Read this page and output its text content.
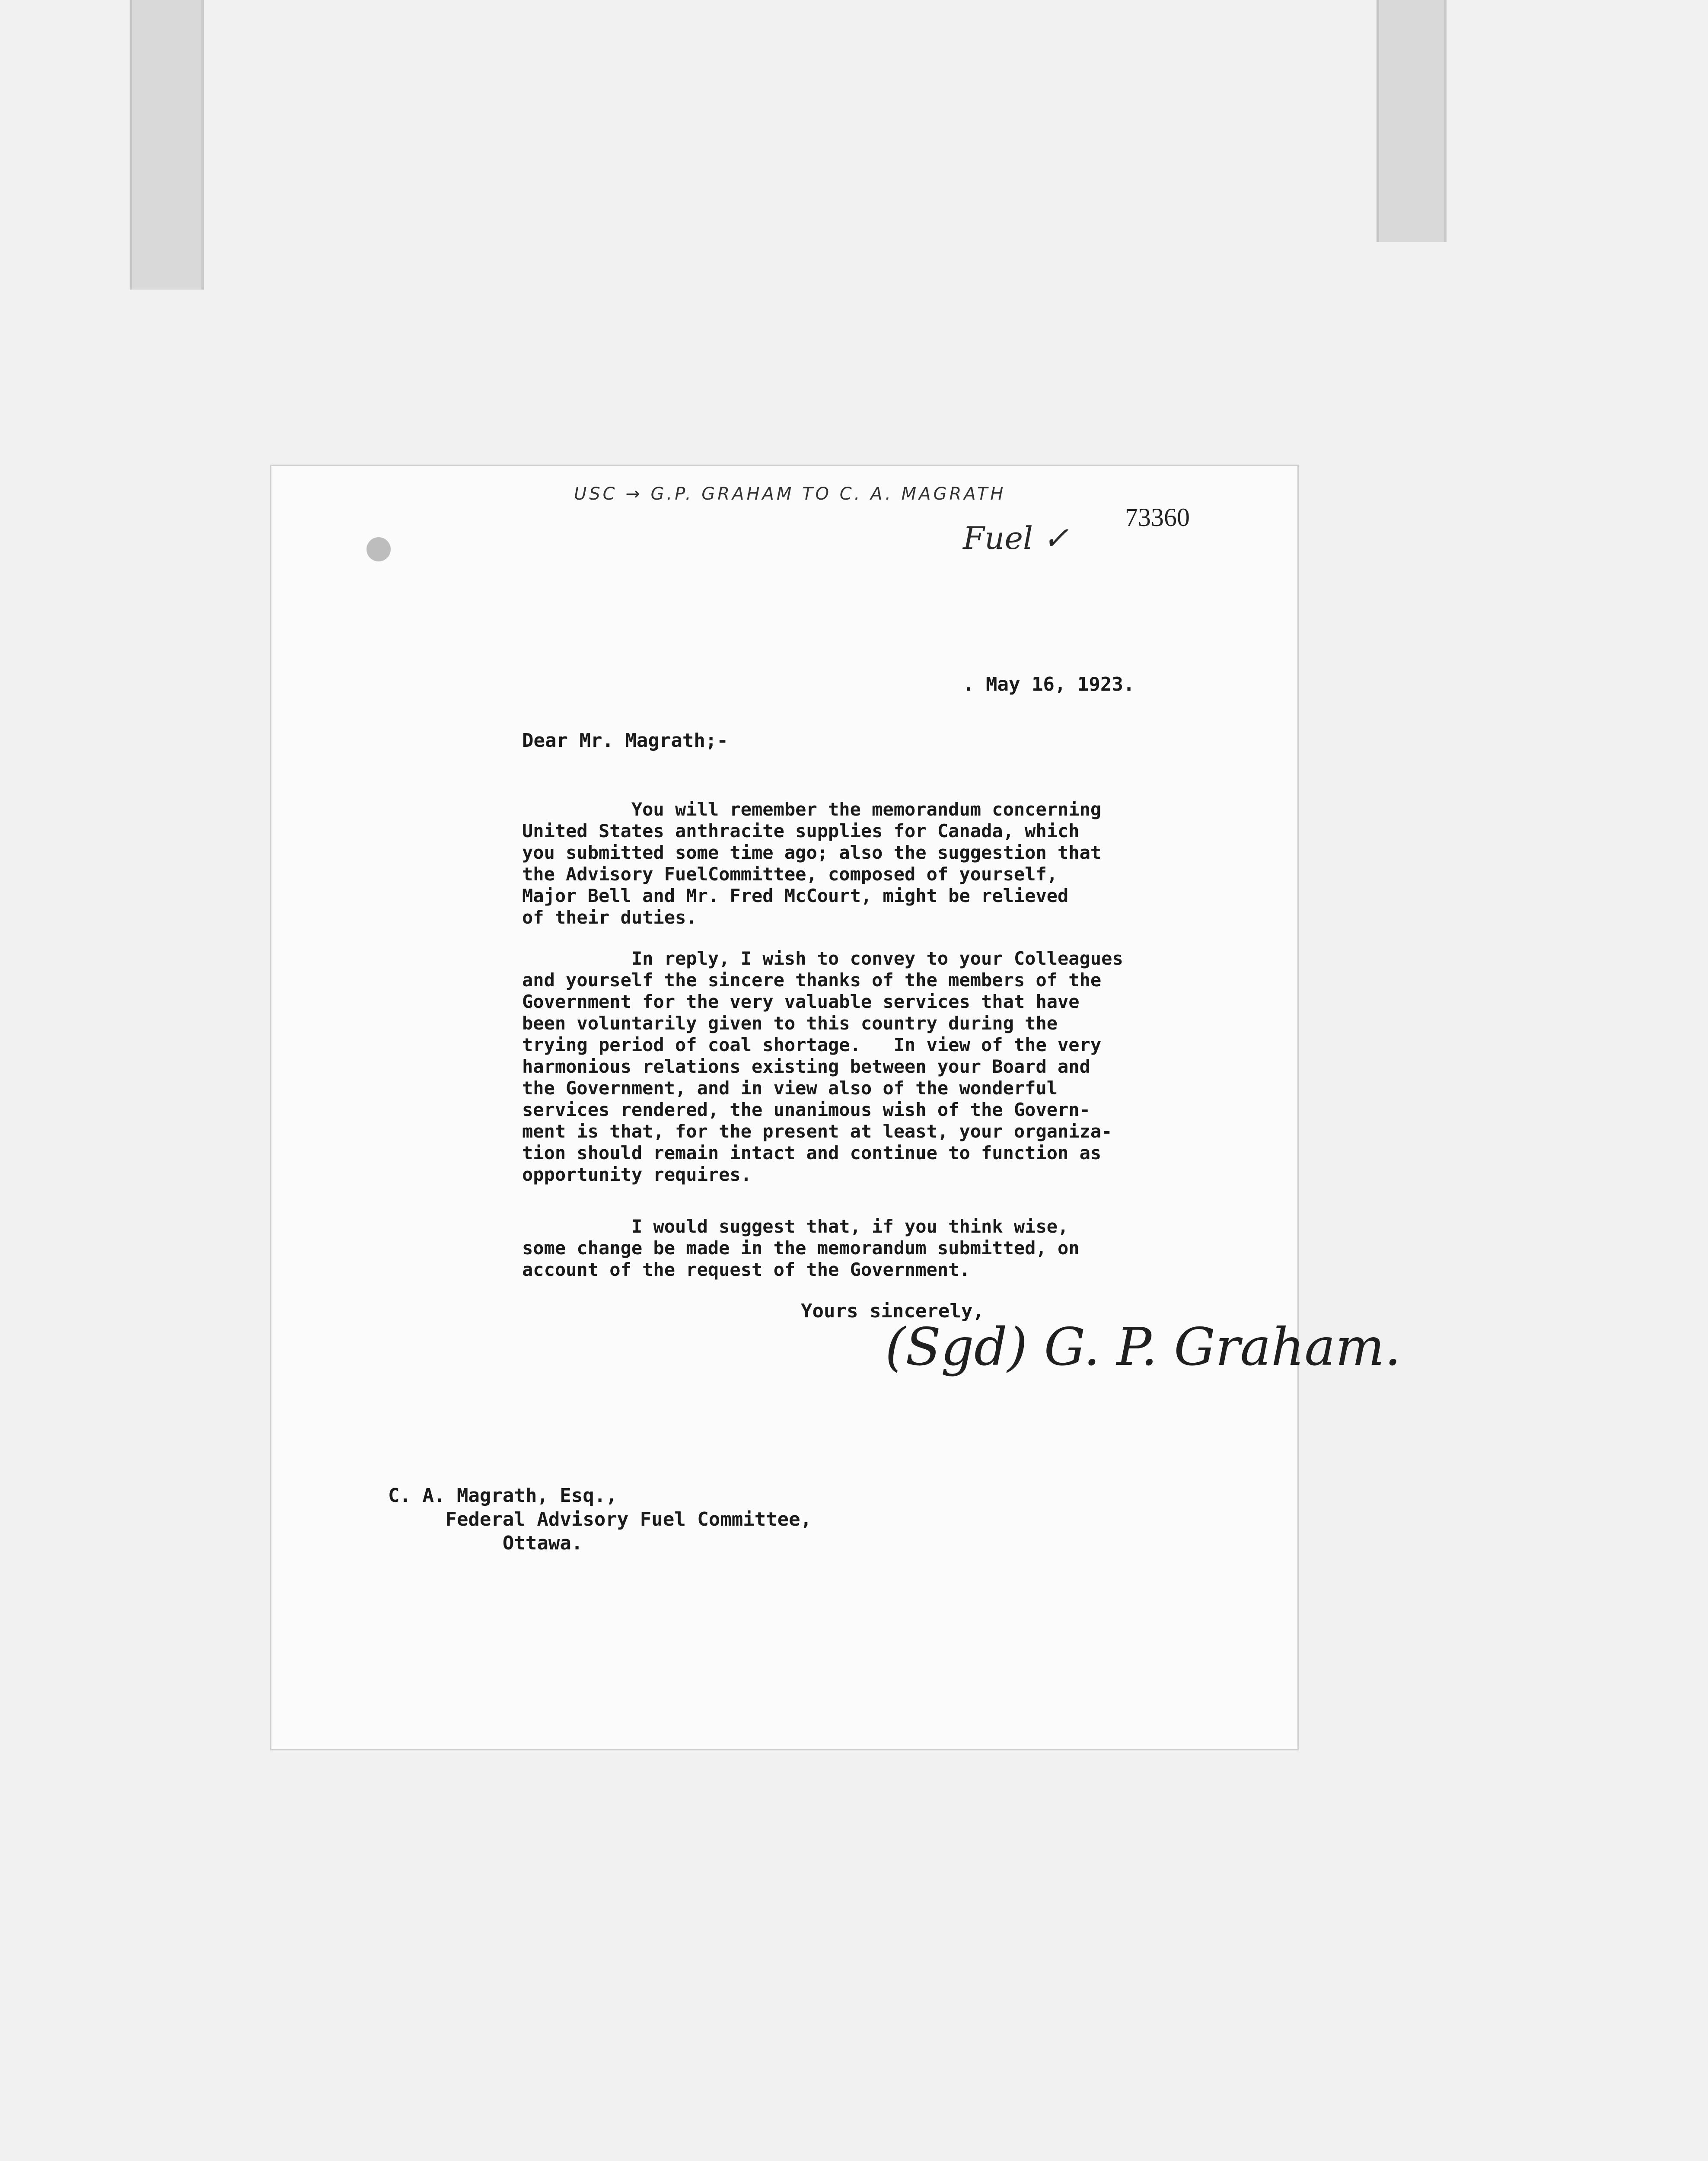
USC → G.P. GRAHAM TO C. A. MAGRATH
Fuel ✓
73360
. May 16, 1923.
Dear Mr. Magrath;-
You will remember the memorandum concerning
United States anthracite supplies for Canada, which
you submitted some time ago; also the suggestion that
the Advisory FuelCommittee, composed of yourself,
Major Bell and Mr. Fred McCourt, might be relieved
of their duties.
In reply, I wish to convey to your Colleagues
and yourself the sincere thanks of the members of the
Government for the very valuable services that have
been voluntarily given to this country during the
trying period of coal shortage.   In view of the very
harmonious relations existing between your Board and
the Government, and in view also of the wonderful
services rendered, the unanimous wish of the Govern-
ment is that, for the present at least, your organiza-
tion should remain intact and continue to function as
opportunity requires.
I would suggest that, if you think wise,
some change be made in the memorandum submitted, on
account of the request of the Government.
Yours sincerely,
(Sgd) G. P. Graham.
C. A. Magrath, Esq.,
Federal Advisory Fuel Committee,
Ottawa.
